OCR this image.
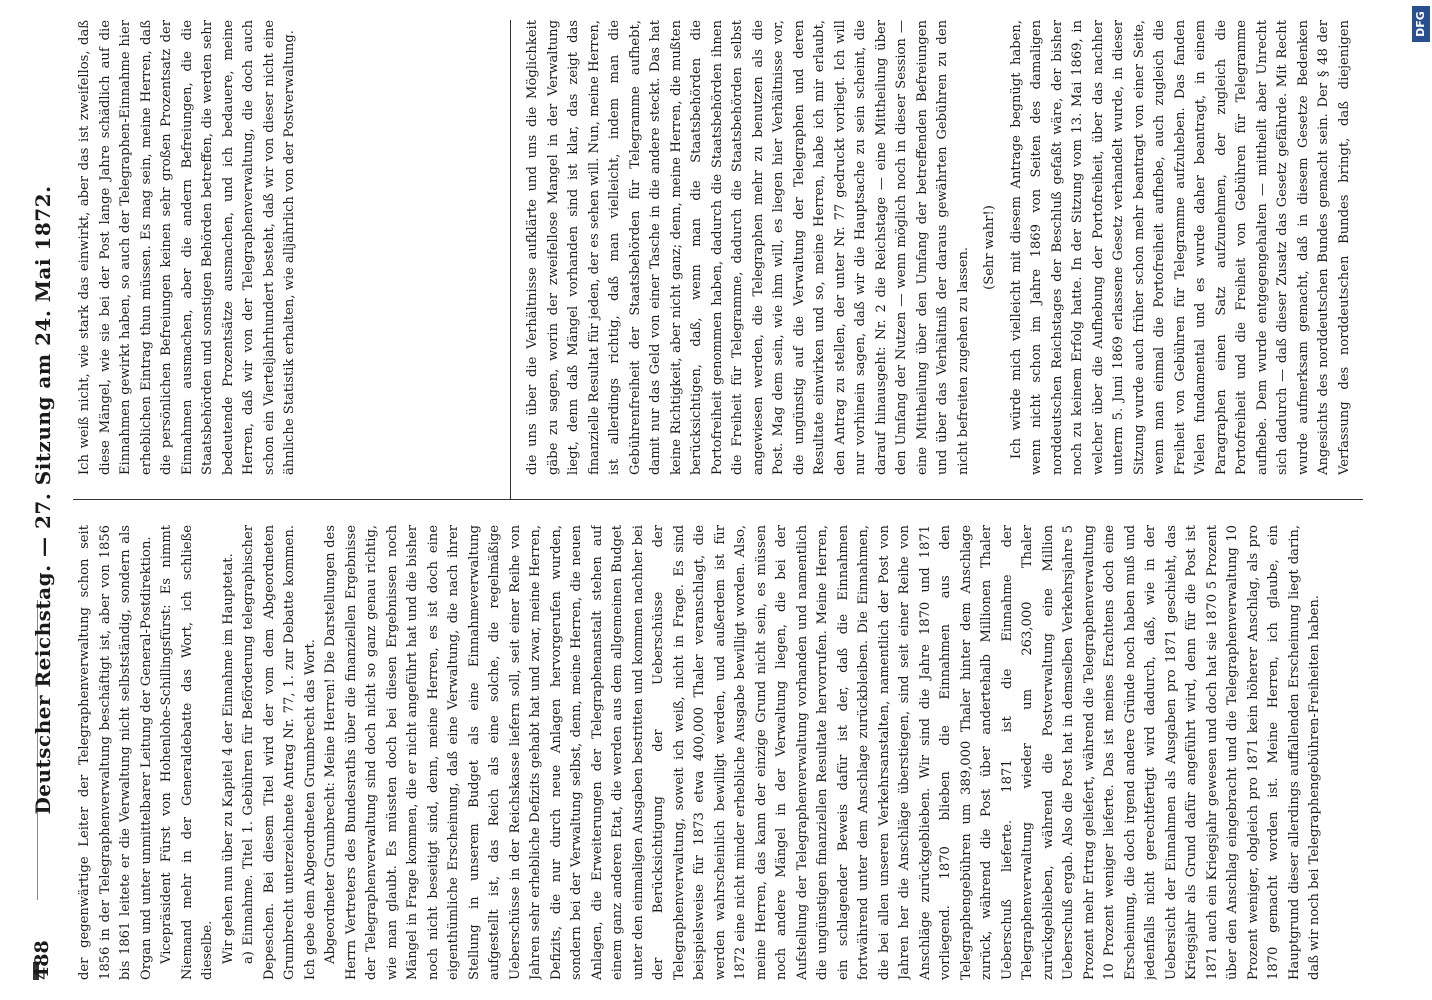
488
Deutscher Reichstag. — 27. Sitzung am 24. Mai 1872. der gegenwärtige Leiter der Telegraphenverwaltung schon seit 1856 in der Telegraphenverwaltung beschäftigt ist, aber von 1856 bis 1861 leitete er die Verwaltung nicht selbstständig, sondern als Organ und unter unmittelbarer Leitung der General-Postdirektion. Vicepräsident Fürst von Hohenlohe-Schillingsfürst: Es nimmt Niemand mehr in der Generaldebatte das Wort, ich schließe dieselbe. Wir gehen nun über zu Kapitel 4 der Einnahme im Hauptetat. a) Einnahme. Titel 1. Gebühren für Beförderung telegraphischer Depeschen. Bei diesem Titel wird der vom dem Abgeordneten Grumbrecht unterzeichnete Antrag Nr. 77, 1. zur Debatte kommen. Ich gebe dem Abgeordneten Grumbrecht das Wort. Abgeordneter Grumbrecht: Meine Herren! Die Darstellungen des Herrn Vertreters des Bundesraths über die finanziellen Ergebnisse der Telegraphenverwaltung sind doch nicht so ganz genau richtig, wie man glaubt. Es müssten doch bei diesen Ergebnissen noch Mängel in Frage kommen, die er nicht angeführt hat und die bisher noch nicht beseitigt sind, denn, meine Herren, es ist doch eine eigenthümliche Erscheinung, daß eine Verwaltung, die nach ihrer Stellung in unserem Budget als eine Einnahmeverwaltung aufgestellt ist, das Reich als eine solche, die regelmäßige Ueberschüsse in der Reichskasse liefern soll, seit einer Reihe von Jahren sehr erhebliche Defizits gehabt hat und zwar, meine Herren, Defizits, die nur durch neue Anlagen hervorgerufen wurden, sondern bei der Verwaltung selbst, denn, meine Herren, die neuen Anlagen, die Erweiterungen der Telegraphenanstalt stehen auf einem ganz anderen Etat, die werden aus dem allgemeinen Budget unter den einmaligen Ausgaben bestritten und kommen nachher bei der Berücksichtigung der Ueberschüsse der Telegraphenverwaltung, soweit ich weiß, nicht in Frage. Es sind beispielsweise für 1873 etwa 400,000 Thaler veranschlagt, die werden wahrscheinlich bewilligt werden, und außerdem ist für 1872 eine nicht minder erhebliche Ausgabe bewilligt worden. Also, meine Herren, das kann der einzige Grund nicht sein, es müssen noch andere Mängel in der Verwaltung liegen, die bei der Aufstellung der Telegraphenverwaltung vorhanden und namentlich die ungünstigen finanziellen Resultate hervorrufen. Meine Herren, ein schlagender Beweis dafür ist der, daß die Einnahmen fortwährend unter dem Anschlage zurückbleiben. Die Einnahmen, die bei allen unseren Verkehrsanstalten, namentlich der Post von Jahren her die Anschläge überstiegen, sind seit einer Reihe von Anschläge zurückgeblieben. Wir sind die Jahre 1870 und 1871 vorliegend. 1870 blieben die Einnahmen aus den Telegraphengebühren um 389,000 Thaler hinter dem Anschlage zurück, während die Post über andertehalb Millionen Thaler Ueberschuß lieferte. 1871 ist die Einnahme der Telegraphenverwaltung wieder um 263,000 Thaler zurückgeblieben, während die Postverwaltung eine Million Ueberschuß ergab. Also die Post hat in demselben Verkehrsjahre 5 Prozent mehr Ertrag geliefert, während die Telegraphenverwaltung 10 Prozent weniger lieferte. Das ist meines Erachtens doch eine Erscheinung, die doch irgend andere Gründe noch haben muß und jedenfalls nicht gerechtfertigt wird dadurch, daß, wie in der Uebersicht der Einnahmen als Ausgaben pro 1871 geschieht, das Kriegsjahr als Grund dafür angeführt wird, denn für die Post ist 1871 auch ein Kriegsjahr gewesen und doch hat sie 1870 5 Prozent über den Anschlag eingebracht und die Telegraphenverwaltung 10 Prozent weniger, obgleich pro 1871 kein höherer Anschlag, als pro 1870 gemacht worden ist. Meine Herren, ich glaube, ein Hauptgrund dieser allerdings auffallenden Erscheinung liegt darin, daß wir noch bei Telegraphengebühren-Freiheiten haben.

Ich weiß nicht, wie stark das einwirkt, aber das ist zweifellos, daß diese Mängel, wie sie bei der Post lange Jahre schädlich auf die Einnahmen gewirkt haben, so auch der Telegraphen-Einnahme hier erheblichen Eintrag thun müssen. Es mag sein, meine Herren, daß die persönlichen Befreiungen keinen sehr großen Prozentsatz der Einnahmen ausmachen, aber die andern Befreiungen, die die Staatsbehörden und sonstigen Behörden betreffen, die werden sehr bedeutende Prozentsätze ausmachen, und ich bedauere, meine Herren, daß wir von der Telegraphenverwaltung, die doch auch schon ein Vierteljahrhundert besteht, daß wir von dieser nicht eine ähnliche Statistik erhalten, wie alljährlich von der Postverwaltung.	die uns über die Verhältnisse aufklärte und uns die Möglichkeit gäbe zu sagen, worin der zweifellose Mangel in der Verwaltung liegt, denn daß Mängel vorhanden sind ist klar, das zeigt das finanzielle Resultat für jeden, der es sehen will. Nun, meine Herren, ist allerdings richtig, daß man vielleicht, indem man die Gebührenfreiheit der Staatsbehörden für Telegramme aufhebt, damit nur das Geld von einer Tasche in die andere steckt. Das hat keine Richtigkeit, aber nicht ganz; denn, meine Herren, die mußten berücksichtigen, daß, wenn man die Staatsbehörden die Portofreiheit genommen haben, dadurch die Staatsbehörden ihnen die Freiheit für Telegramme, dadurch die Staatsbehörden selbst angewiesen werden, die Telegraphen mehr zu benutzen als die Post. Mag dem sein, wie ihm will, es liegen hier Verhältnisse vor, die ungünstig auf die Verwaltung der Telegraphen und deren Resultate einwirken und so, meine Herren, habe ich mir erlaubt, den Antrag zu stellen, der unter Nr. 77 gedruckt vorliegt. Ich will nur vorhinein sagen, daß wir die Hauptsache zu sein scheint, die darauf hinausgeht: Nr. 2 die Reichstage — eine Mittheilung über den Umfang der Nutzen — wenn möglich noch in dieser Session — eine Mittheilung über den Umfang der betreffenden Befreiungen und über das Verhältniß der daraus gewährten Gebühren zu den nicht befreiten zugehen zu lassen. (Sehr wahr!)

Ich würde mich vielleicht mit diesem Antrage begnügt haben, wenn nicht schon im Jahre 1869 von Seiten des damaligen norddeutschen Reichstages der Beschluß gefaßt wäre, der bisher noch zu keinem Erfolg hatte. In der Sitzung vom 13. Mai 1869, in welcher über die Aufhebung der Portofreiheit, über das nachher unterm 5. Juni 1869 erlassene Gesetz verhandelt wurde, in dieser Sitzung wurde auch früher schon mehr beantragt von einer Seite, wenn man einmal die Portofreiheit aufhebe, auch zugleich die Freiheit von Gebühren für Telegramme aufzuheben. Das fanden Vielen fundamental und es wurde daher beantragt, in einem Paragraphen einen Satz aufzunehmen, der zugleich die Portofreiheit und die Freiheit von Gebühren für Telegramme aufhebe. Dem wurde entgegengehalten — mittheilt aber Unrecht sich dadurch — daß dieser Zusatz das Gesetz gefährde. Mit Recht wurde aufmerksam gemacht, daß in diesem Gesetze Bedenken Angesichts des norddeutschen Bundes gemacht sein. Der § 48 der Verfassung des norddeutschen Bundes bringt, daß diejenigen	DFG
